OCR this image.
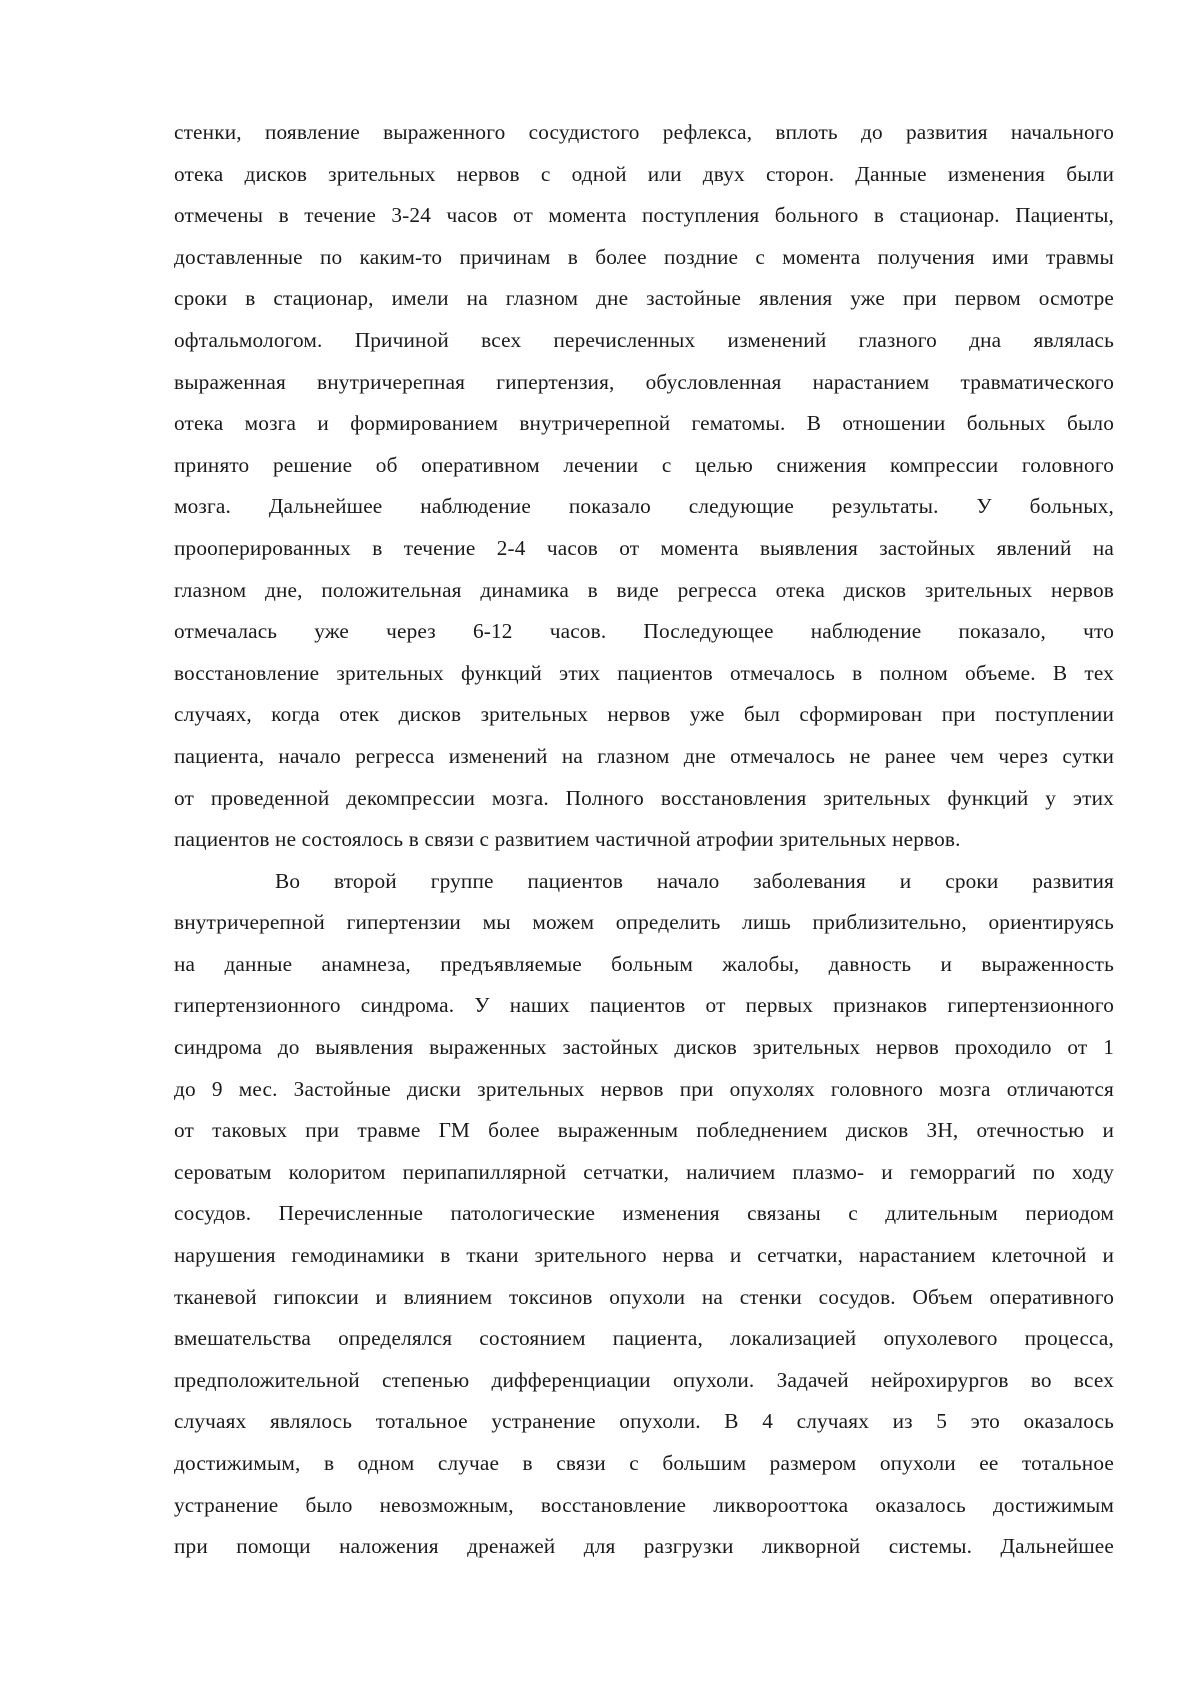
стенки, появление выраженного сосудистого рефлекса, вплоть до развития начального
отека дисков зрительных нервов с одной или двух сторон. Данные изменения были
отмечены в течение 3-24 часов от момента поступления больного в стационар. Пациенты,
доставленные по каким-то причинам в более поздние с момента получения ими травмы
сроки в стационар, имели на глазном дне застойные явления уже при первом осмотре
офтальмологом. Причиной всех перечисленных изменений глазного дна являлась
выраженная внутричерепная гипертензия, обусловленная нарастанием травматического
отека мозга и формированием внутричерепной гематомы. В отношении больных было
принято решение об оперативном лечении с целью снижения компрессии головного
мозга. Дальнейшее наблюдение показало следующие результаты. У больных,
прооперированных в течение 2-4 часов от момента выявления застойных явлений на
глазном дне, положительная динамика в виде регресса отека дисков зрительных нервов
отмечалась уже через 6-12 часов. Последующее наблюдение показало, что
восстановление зрительных функций этих пациентов отмечалось в полном объеме. В тех
случаях, когда отек дисков зрительных нервов уже был сформирован при поступлении
пациента, начало регресса изменений на глазном дне отмечалось не ранее чем через сутки
от проведенной декомпрессии мозга. Полного восстановления зрительных функций у этих
пациентов не состоялось в связи с развитием частичной атрофии зрительных нервов.
Во второй группе пациентов начало заболевания и сроки развития
внутричерепной гипертензии мы можем определить лишь приблизительно, ориентируясь
на данные анамнеза, предъявляемые больным жалобы, давность и выраженность
гипертензионного синдрома. У наших пациентов от первых признаков гипертензионного
синдрома до выявления выраженных застойных дисков зрительных нервов проходило от 1
до 9 мес. Застойные диски зрительных нервов при опухолях головного мозга отличаются
от таковых при травме ГМ более выраженным побледнением дисков ЗН, отечностью и
сероватым колоритом перипапиллярной сетчатки, наличием плазмо- и геморрагий по ходу
сосудов. Перечисленные патологические изменения связаны с длительным периодом
нарушения гемодинамики в ткани зрительного нерва и сетчатки, нарастанием клеточной и
тканевой гипоксии и влиянием токсинов опухоли на стенки сосудов. Объем оперативного
вмешательства определялся состоянием пациента, локализацией опухолевого процесса,
предположительной степенью дифференциации опухоли. Задачей нейрохирургов во всех
случаях являлось тотальное устранение опухоли. В 4 случаях из 5 это оказалось
достижимым, в одном случае в связи с большим размером опухоли ее тотальное
устранение было невозможным, восстановление ликворооттока оказалось достижимым
при помощи наложения дренажей для разгрузки ликворной системы. Дальнейшее
